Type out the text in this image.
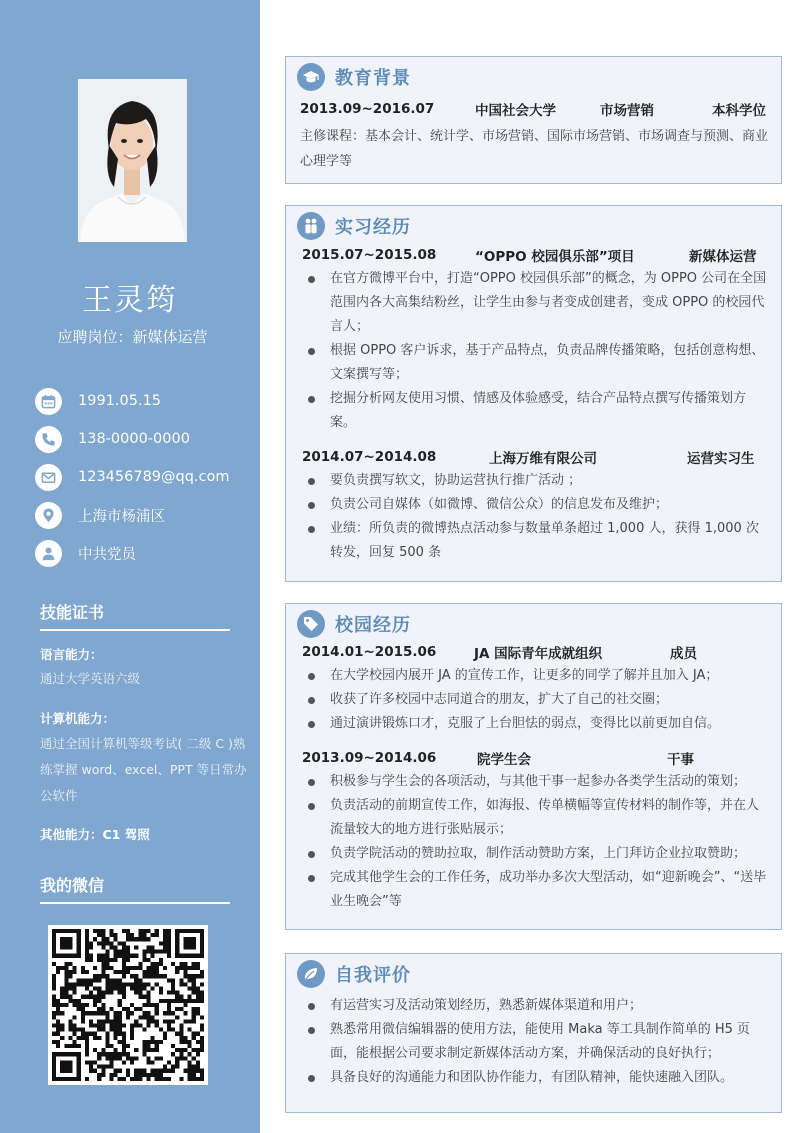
王灵筠
应聘岗位：新媒体运营
1991.05.15
138-0000-0000
123456789@qq.com
上海市杨浦区
中共党员
技能证书
语言能力：
通过大学英语六级
计算机能力：
通过全国计算机等级考试( 二级 C )熟练掌握 word、excel、PPT 等日常办公软件
其他能力：C1 驾照
我的微信
教育背景
2013.09~2016.07	中国社会大学	市场营销	本科学位
主修课程：基本会计、统计学、市场营销、国际市场营销、市场调查与预测、商业心理学等
实习经历
2015.07~2015.08	“OPPO 校园俱乐部”项目	新媒体运营
在官方微博平台中，打造“OPPO 校园俱乐部”的概念，为 OPPO 公司在全国范围内各大高集结粉丝，让学生由参与者变成创建者，变成 OPPO 的校园代言人；
根据 OPPO 客户诉求，基于产品特点，负责品牌传播策略，包括创意构想、文案撰写等；
挖掘分析网友使用习惯、情感及体验感受，结合产品特点撰写传播策划方案。
2014.07~2014.08	上海万维有限公司	运营实习生
要负责撰写软文，协助运营执行推广活动 ；
负责公司自媒体（如微博、微信公众）的信息发布及维护；
业绩：所负责的微博热点活动参与数量单条超过 1,000 人，获得 1,000 次转发，回复 500 条
校园经历
2014.01~2015.06	JA 国际青年成就组织	成员
在大学校园内展开 JA 的宣传工作，让更多的同学了解并且加入 JA；
收获了许多校园中志同道合的朋友，扩大了自己的社交圈；
通过演讲锻炼口才，克服了上台胆怯的弱点，变得比以前更加自信。
2013.09~2014.06	院学生会	干事
积极参与学生会的各项活动，与其他干事一起参办各类学生活动的策划；
负责活动的前期宣传工作，如海报、传单横幅等宣传材料的制作等，并在人流量较大的地方进行张贴展示；
负责学院活动的赞助拉取，制作活动赞助方案，上门拜访企业拉取赞助；
完成其他学生会的工作任务，成功举办多次大型活动，如“迎新晚会”、“送毕业生晚会”等
自我评价
有运营实习及活动策划经历，熟悉新媒体渠道和用户；
熟悉常用微信编辑器的使用方法，能使用 Maka 等工具制作简单的 H5 页面，能根据公司要求制定新媒体活动方案，并确保活动的良好执行；
具备良好的沟通能力和团队协作能力，有团队精神，能快速融入团队。
